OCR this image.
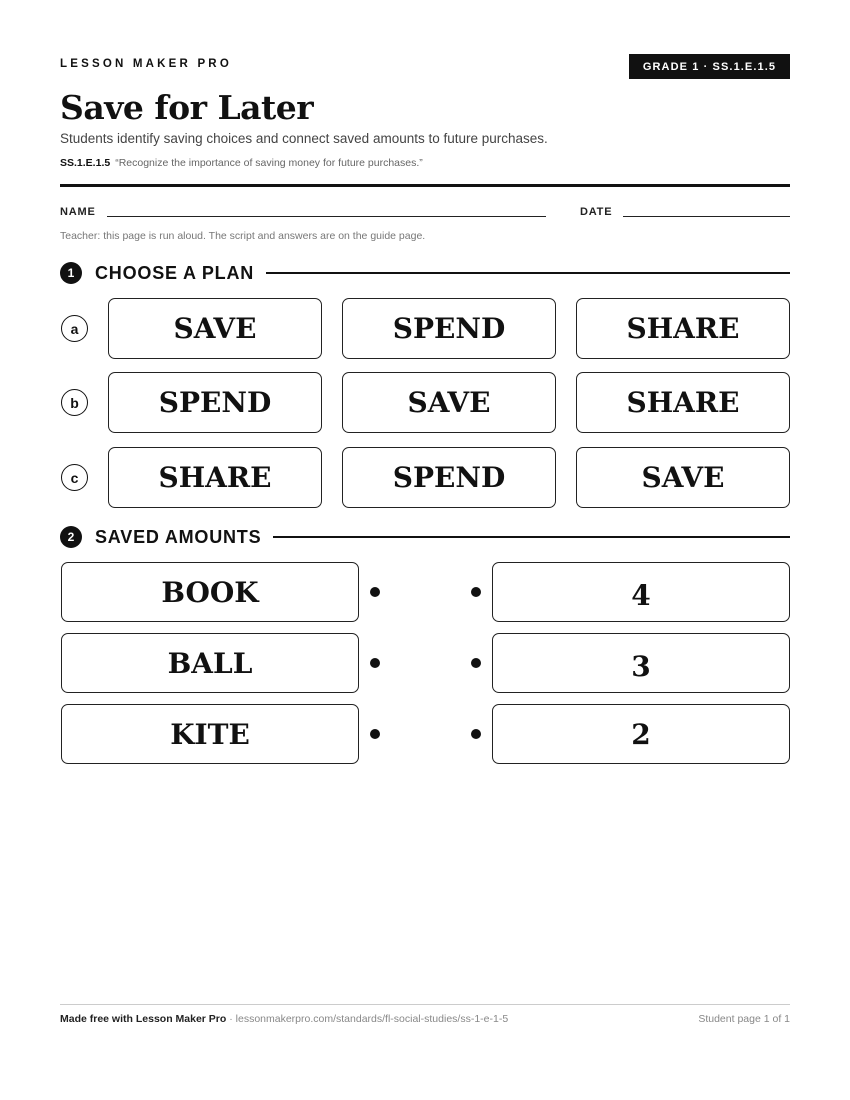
LESSON MAKER PRO	GRADE 1 · SS.1.E.1.5
Save for Later
Students identify saving choices and connect saved amounts to future purchases.
SS.1.E.1.5 “Recognize the importance of saving money for future purchases.”
NAME	DATE
Teacher: this page is run aloud. The script and answers are on the guide page.
1	CHOOSE A PLAN
a	SAVE	SPEND	SHARE
b	SPEND	SAVE	SHARE
c	SHARE	SPEND	SAVE
2	SAVED AMOUNTS
BOOK	4
BALL	3
KITE	2
Made free with Lesson Maker Pro · lessonmakerpro.com/standards/fl-social-studies/ss-1-e-1-5	Student page 1 of 1
